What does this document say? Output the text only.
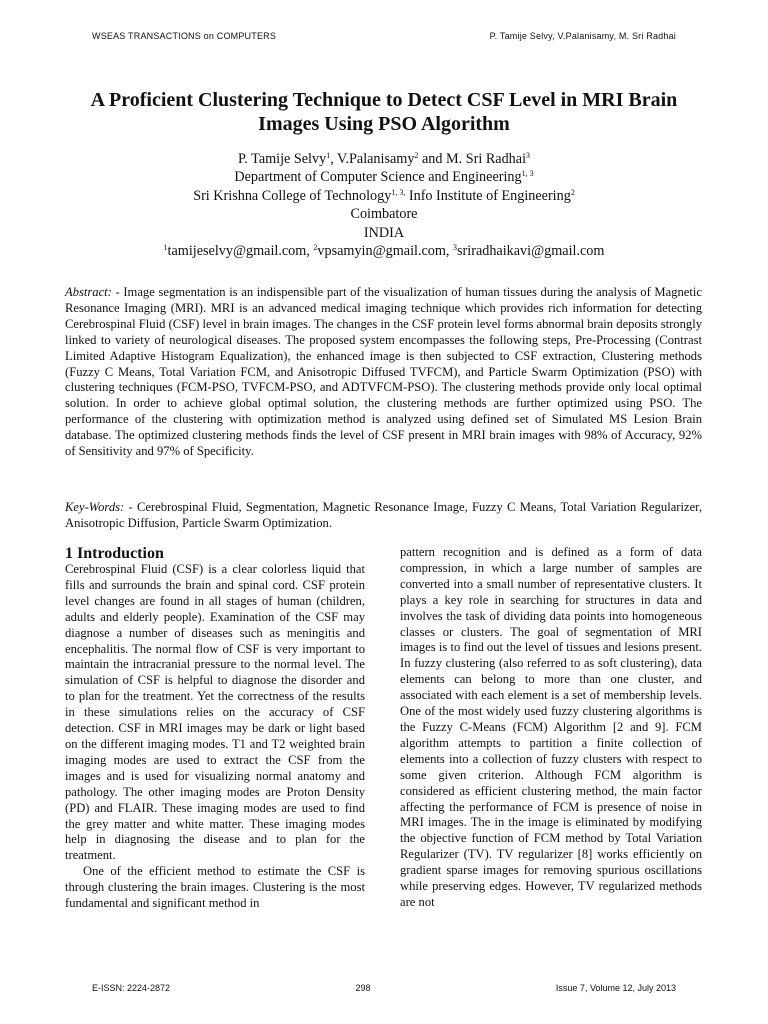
WSEAS TRANSACTIONS on COMPUTERS	P. Tamije Selvy, V.Palanisamy, M. Sri Radhai
A Proficient Clustering Technique to Detect CSF Level in MRI Brain
Images Using PSO Algorithm
P. Tamije Selvy$^1$, V.Palanisamy$^2$ and M. Sri Radhai$^3$
Department of Computer Science and Engineering$^{1, 3}$
Sri Krishna College of Technology$^{1, 3,}$ Info Institute of Engineering$^2$
Coimbatore
INDIA
$^1$tamijeselvy@gmail.com, $^2$vpsamyin@gmail.com, $^3$sriradhaikavi@gmail.com
Abstract: - Image segmentation is an indispensible part of the visualization of human tissues during the analysis of Magnetic Resonance Imaging (MRI). MRI is an advanced medical imaging technique which provides rich information for detecting Cerebrospinal Fluid (CSF) level in brain images. The changes in the CSF protein level forms abnormal brain deposits strongly linked to variety of neurological diseases. The proposed system encompasses the following steps, Pre-Processing (Contrast Limited Adaptive Histogram Equalization), the enhanced image is then subjected to CSF extraction, Clustering methods (Fuzzy C Means, Total Variation FCM, and Anisotropic Diffused TVFCM), and Particle Swarm Optimization (PSO) with clustering techniques (FCM-PSO, TVFCM-PSO, and ADTVFCM-PSO). The clustering methods provide only local optimal solution. In order to achieve global optimal solution, the clustering methods are further optimized using PSO. The performance of the clustering with optimization method is analyzed using defined set of Simulated MS Lesion Brain database. The optimized clustering methods finds the level of CSF present in MRI brain images with 98% of Accuracy, 92% of Sensitivity and 97% of Specificity.
Key-Words: - Cerebrospinal Fluid, Segmentation, Magnetic Resonance Image, Fuzzy C Means, Total Variation Regularizer, Anisotropic Diffusion, Particle Swarm Optimization.
1 Introduction

Cerebrospinal Fluid (CSF) is a clear colorless liquid that fills and surrounds the brain and spinal cord. CSF protein level changes are found in all stages of human (children, adults and elderly people). Examination of the CSF may diagnose a number of diseases such as meningitis and encephalitis. The normal flow of CSF is very important to maintain the intracranial pressure to the normal level. The simulation of CSF is helpful to diagnose the disorder and to plan for the treatment. Yet the correctness of the results in these simulations relies on the accuracy of CSF detection. CSF in MRI images may be dark or light based on the different imaging modes. T1 and T2 weighted brain imaging modes are used to extract the CSF from the images and is used for visualizing normal anatomy and pathology. The other imaging modes are Proton Density (PD) and FLAIR. These imaging modes are used to find the grey matter and white matter. These imaging modes help in diagnosing the disease and to plan for the treatment.

One of the efficient method to estimate the CSF is through clustering the brain images. Clustering is the most fundamental and significant method in

pattern recognition and is defined as a form of data compression, in which a large number of samples are converted into a small number of representative clusters. It plays a key role in searching for structures in data and involves the task of dividing data points into homogeneous classes or clusters. The goal of segmentation of MRI images is to find out the level of tissues and lesions present. In fuzzy clustering (also referred to as soft clustering), data elements can belong to more than one cluster, and associated with each element is a set of membership levels. One of the most widely used fuzzy clustering algorithms is the Fuzzy C-Means (FCM) Algorithm [2 and 9]. FCM algorithm attempts to partition a finite collection of elements into a collection of fuzzy clusters with respect to some given criterion. Although FCM algorithm is considered as efficient clustering method, the main factor affecting the performance of FCM is presence of noise in MRI images. The in the image is eliminated by modifying the objective function of FCM method by Total Variation Regularizer (TV). TV regularizer [8] works efficiently on gradient sparse images for removing spurious oscillations while preserving edges. However, TV regularized methods are not

E-ISSN: 2224-2872	298	Issue 7, Volume 12, July 2013
